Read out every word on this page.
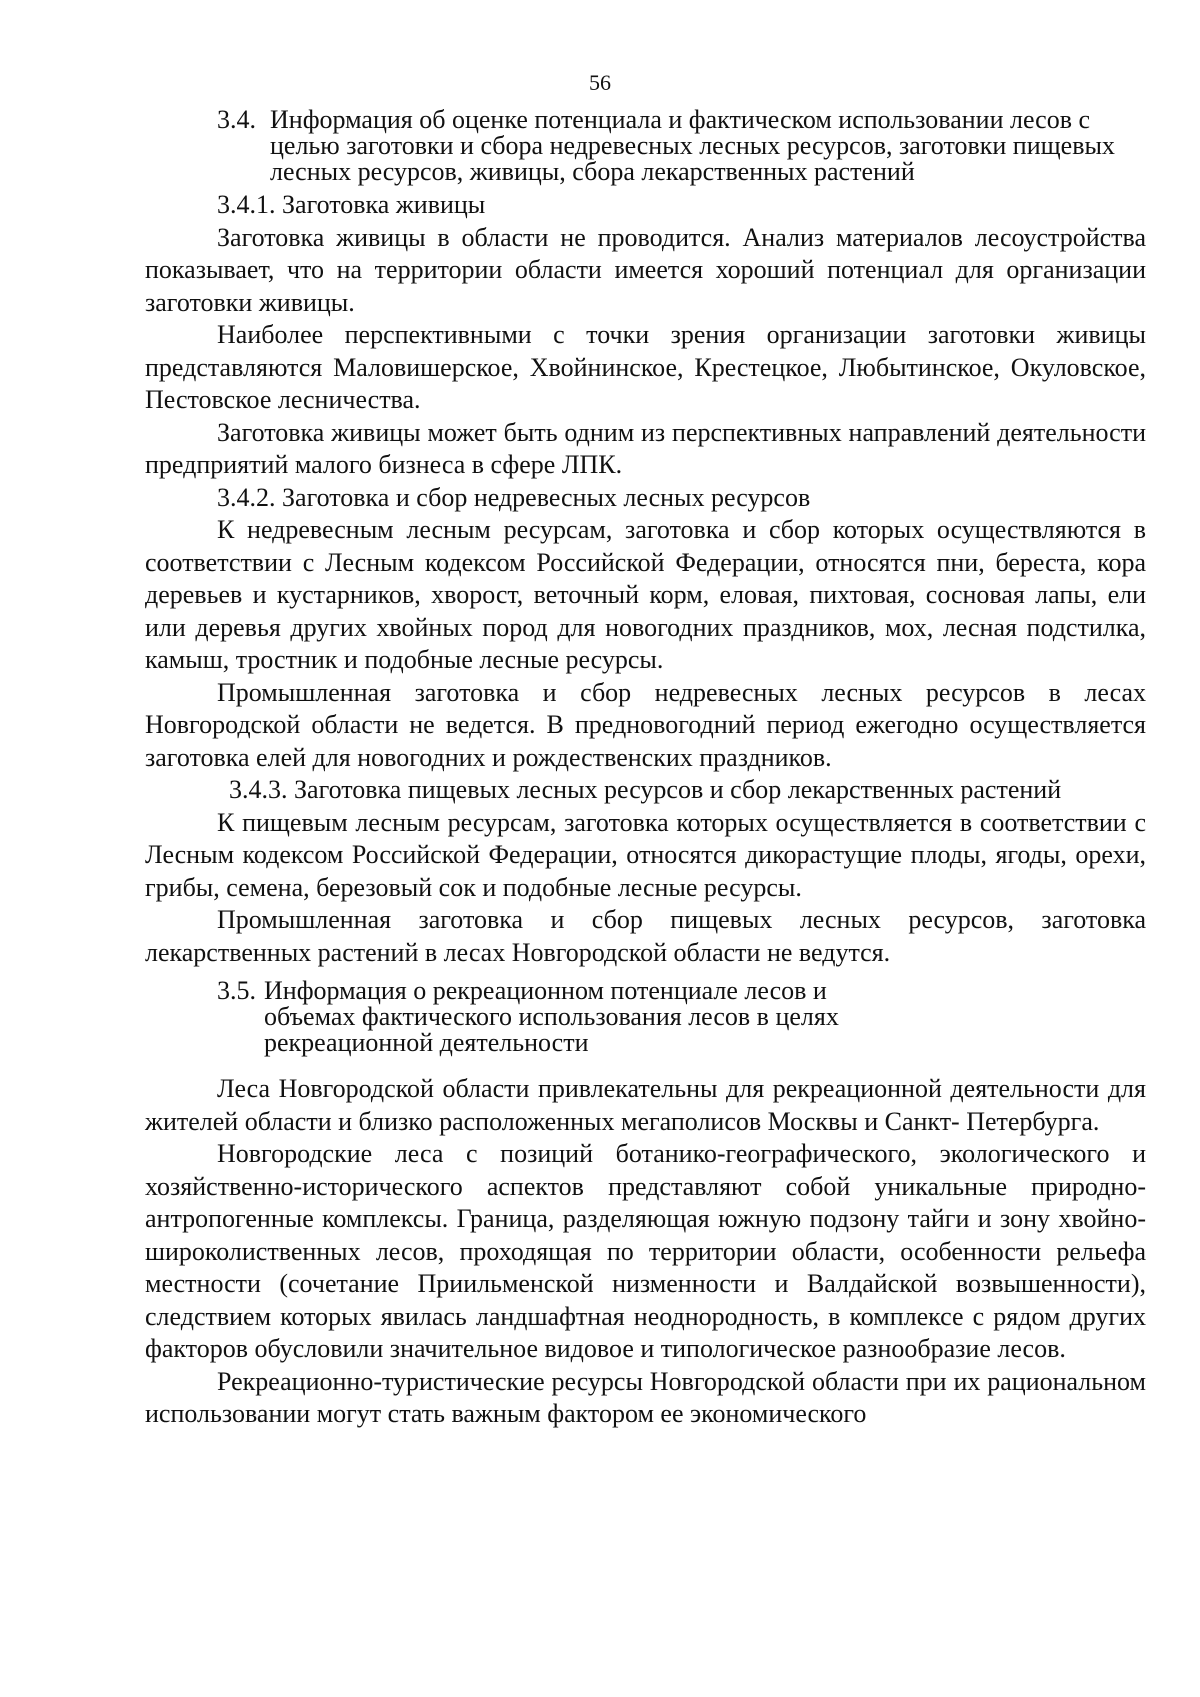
56
3.4. Информация об оценке потенциала и фактическом использовании лесов с целью заготовки и сбора недревесных лесных ресурсов, заготовки пищевых лесных ресурсов, живицы, сбора лекарственных растений

3.4.1. Заготовка живицы

Заготовка живицы в области не проводится. Анализ материалов лесоустройства показывает, что на территории области имеется хороший потенциал для организации заготовки живицы.

Наиболее перспективными с точки зрения организации заготовки живицы представляются Маловишерское, Хвойнинское, Крестецкое, Любытинское, Окуловское, Пестовское лесничества.

Заготовка живицы может быть одним из перспективных направлений деятельности предприятий малого бизнеса в сфере ЛПК.

3.4.2. Заготовка и сбор недревесных лесных ресурсов

К недревесным лесным ресурсам, заготовка и сбор которых осуществляются в соответствии с Лесным кодексом Российской Федерации, относятся пни, береста, кора деревьев и кустарников, хворост, веточный корм, еловая, пихтовая, сосновая лапы, ели или деревья других хвойных пород для новогодних праздников, мох, лесная подстилка, камыш, тростник и подобные лесные ресурсы.

Промышленная заготовка и сбор недревесных лесных ресурсов в лесах Новгородской области не ведется. В предновогодний период ежегодно осуществляется заготовка елей для новогодних и рождественских праздников.

3.4.3. Заготовка пищевых лесных ресурсов и сбор лекарственных растений

К пищевым лесным ресурсам, заготовка которых осуществляется в соответствии с Лесным кодексом Российской Федерации, относятся дикорастущие плоды, ягоды, орехи, грибы, семена, березовый сок и подобные лесные ресурсы.

Промышленная заготовка и сбор пищевых лесных ресурсов, заготовка лекарственных растений в лесах Новгородской области не ведутся.

3.5. Информация о рекреационном потенциале лесов и объемах фактического использования лесов в целях рекреационной деятельности

Леса Новгородской области привлекательны для рекреационной деятельности для жителей области и близко расположенных мегаполисов Москвы и Санкт- Петербурга.

Новгородские леса с позиций ботанико-географического, экологического и хозяйственно-исторического аспектов представляют собой уникальные природно-антропогенные комплексы. Граница, разделяющая южную подзону тайги и зону хвойно-широколиственных лесов, проходящая по территории области, особенности рельефа местности (сочетание Приильменской низменности и Валдайской возвышенности), следствием которых явилась ландшафтная неоднородность, в комплексе с рядом других факторов обусловили значительное видовое и типологическое разнообразие лесов.

Рекреационно-туристические ресурсы Новгородской области при их рациональном использовании могут стать важным фактором ее экономического
